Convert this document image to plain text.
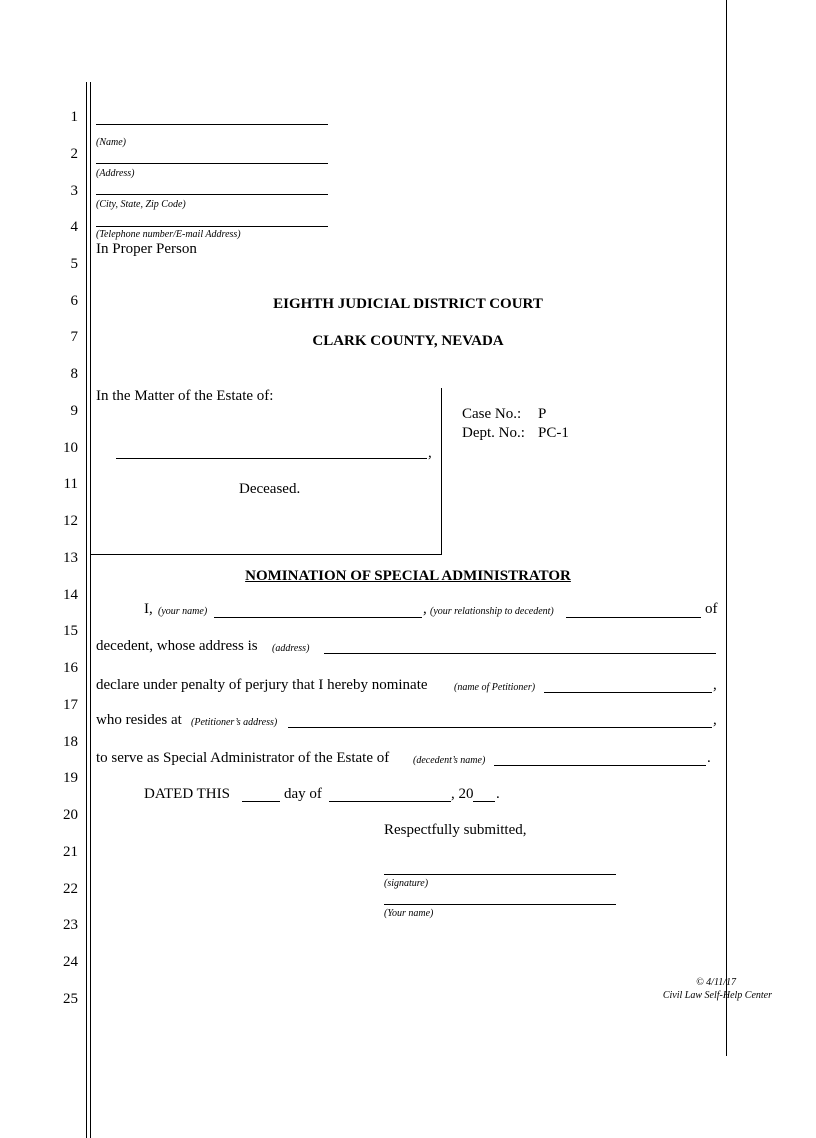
1
2
3
4
5
6
7
8
9
10
11
12
13
14
15
16
17
18
19
20
21
22
23
24
25
(Name)
(Address)
(City, State, Zip Code)
(Telephone number/E-mail Address)
In Proper Person
EIGHTH JUDICIAL DISTRICT COURT
CLARK COUNTY, NEVADA
In the Matter of the Estate of:
,
Deceased.
Case No.: P
Dept. No.: PC-1
NOMINATION OF SPECIAL ADMINISTRATOR
I, (your name)	, (your relationship to decedent)	of
decedent, whose address is (address)
declare under penalty of perjury that I hereby nominate	(name of Petitioner)	,
who resides at (Petitioner’s address)	,
to serve as Special Administrator of the Estate of (decedent’s name)	.
DATED THIS	day of	, 20 .
Respectfully submitted,
(signature)
(Your name)
© 4/11/17
Civil Law Self-Help Center
